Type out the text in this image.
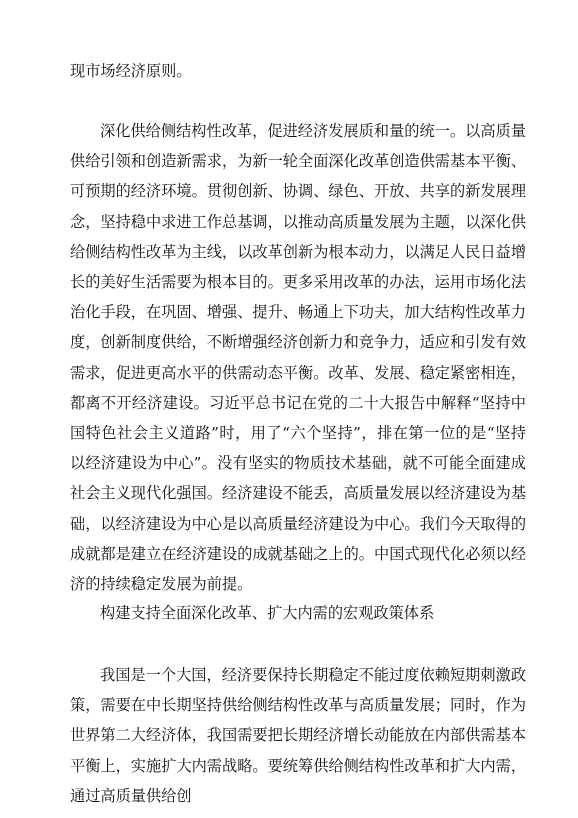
现市场经济原则。

深化供给侧结构性改革，促进经济发展质和量的统一。以高质量供给引领和创造新需求，为新一轮全面深化改革创造供需基本平衡、可预期的经济环境。贯彻创新、协调、绿色、开放、共享的新发展理念，坚持稳中求进工作总基调，以推动高质量发展为主题，以深化供给侧结构性改革为主线，以改革创新为根本动力，以满足人民日益增长的美好生活需要为根本目的。更多采用改革的办法，运用市场化法治化手段，在巩固、增强、提升、畅通上下功夫，加大结构性改革力度，创新制度供给，不断增强经济创新力和竞争力，适应和引发有效需求，促进更高水平的供需动态平衡。改革、发展、稳定紧密相连，都离不开经济建设。习近平总书记在党的二十大报告中解释“坚持中国特色社会主义道路”时，用了“六个坚持”，排在第一位的是“坚持以经济建设为中心”。没有坚实的物质技术基础，就不可能全面建成社会主义现代化强国。经济建设不能丢，高质量发展以经济建设为基础，以经济建设为中心是以高质量经济建设为中心。我们今天取得的成就都是建立在经济建设的成就基础之上的。中国式现代化必须以经济的持续稳定发展为前提。

构建支持全面深化改革、扩大内需的宏观政策体系

我国是一个大国，经济要保持长期稳定不能过度依赖短期刺激政策，需要在中长期坚持供给侧结构性改革与高质量发展；同时，作为世界第二大经济体，我国需要把长期经济增长动能放在内部供需基本平衡上，实施扩大内需战略。要统筹供给侧结构性改革和扩大内需，通过高质量供给创
